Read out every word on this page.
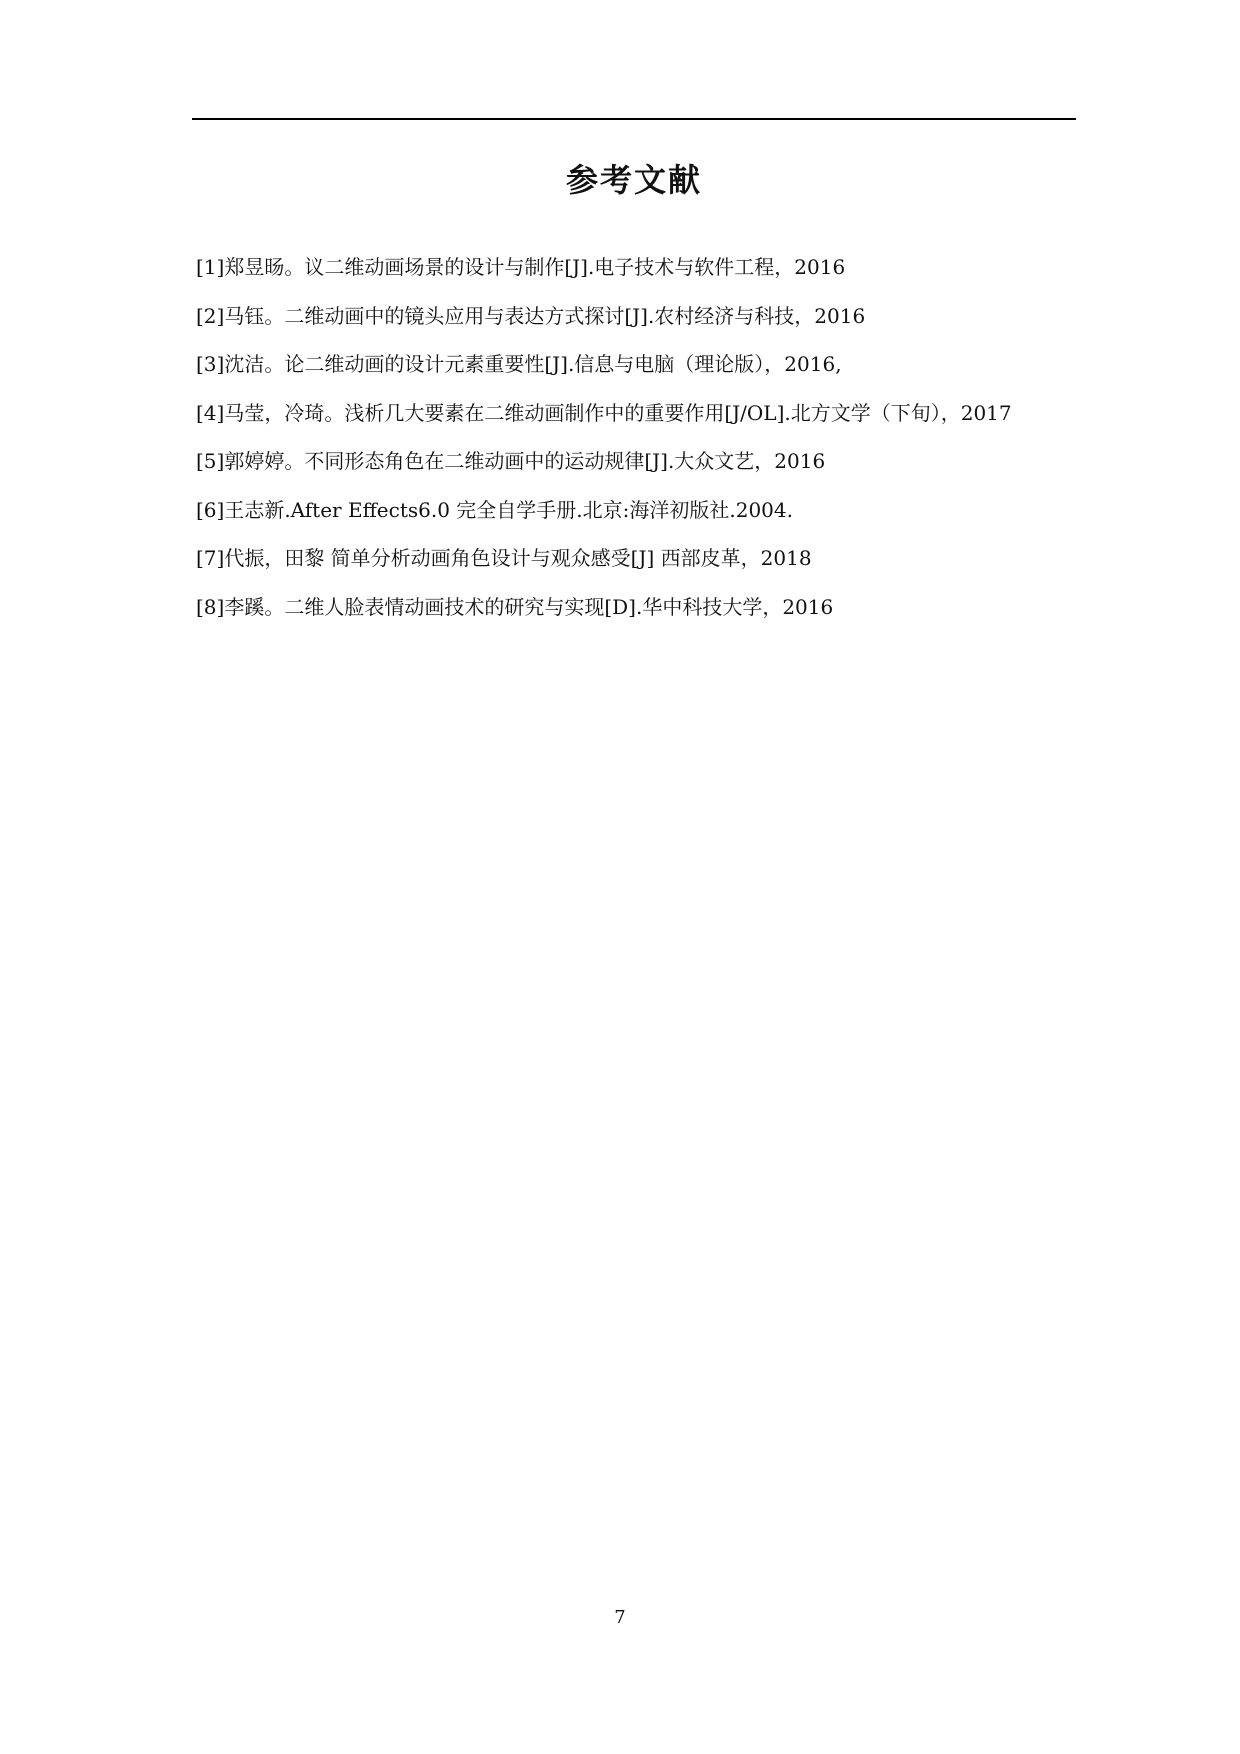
参考文献
[1]郑昱旸。议二维动画场景的设计与制作[J].电子技术与软件工程，2016
[2]马钰。二维动画中的镜头应用与表达方式探讨[J].农村经济与科技，2016
[3]沈洁。论二维动画的设计元素重要性[J].信息与电脑（理论版），2016,
[4]马莹，冷琦。浅析几大要素在二维动画制作中的重要作用[J/OL].北方文学（下旬），2017
[5]郭婷婷。不同形态角色在二维动画中的运动规律[J].大众文艺，2016
[6]王志新.After Effects6.0 完全自学手册.北京:海洋初版社.2004.
[7]代振，田黎 简单分析动画角色设计与观众感受[J] 西部皮革，2018
[8]李蹊。二维人脸表情动画技术的研究与实现[D].华中科技大学，2016
7
